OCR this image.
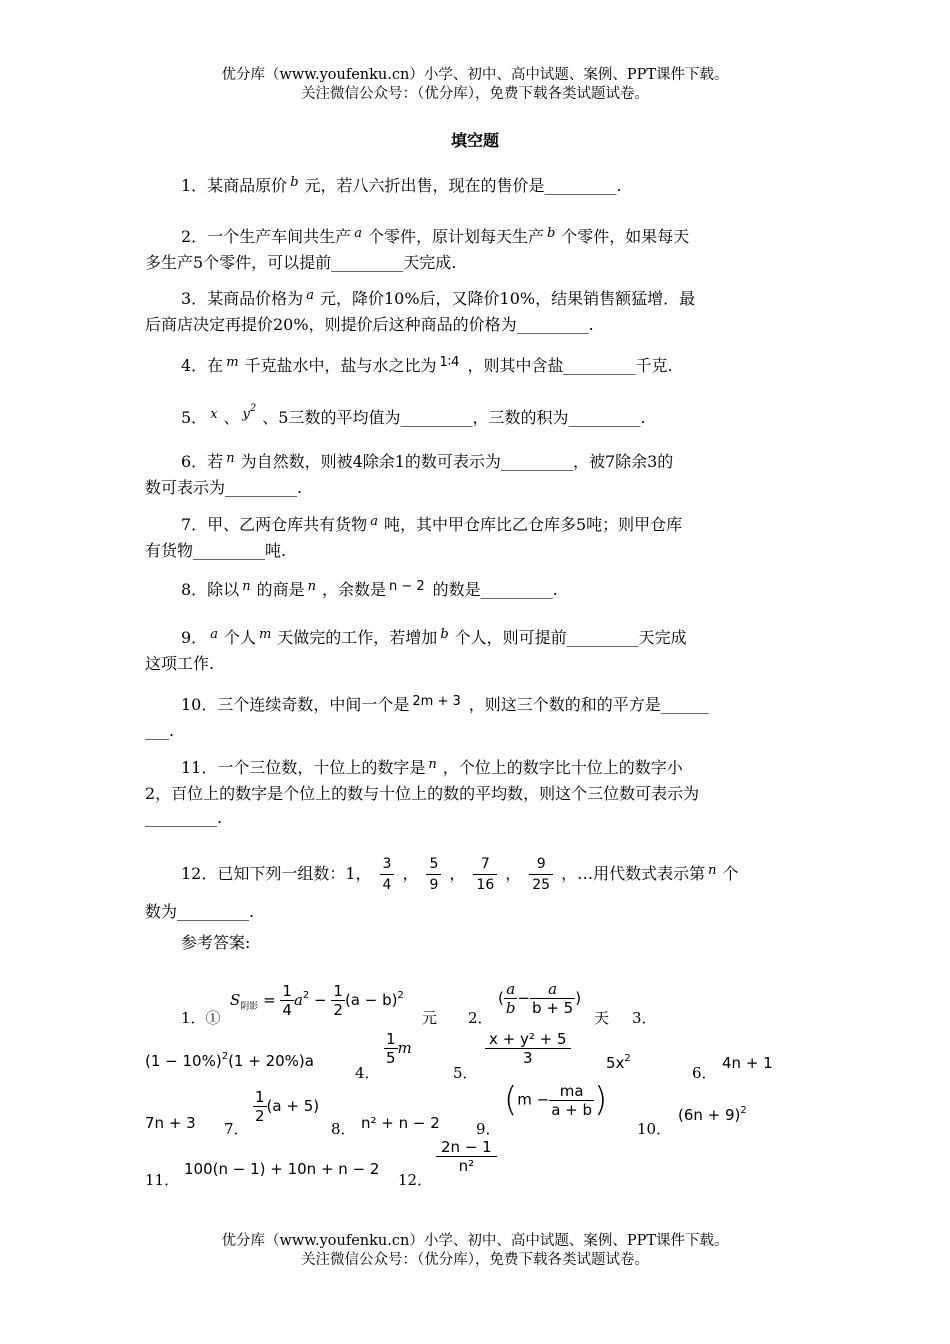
优分库（www.youfenku.cn）小学、初中、高中试题、案例、PPT课件下载。
关注微信公众号：（优分库），免费下载各类试题试卷。
填空题
1．某商品原价 $^b$ 元，若八六折出售，现在的售价是_________.
2．一个生产车间共生产 $^a$ 个零件，原计划每天生产 $^b$ 个零件，如果每天
多生产5个零件，可以提前_________天完成.
3．某商品价格为 $^a$ 元，降价10%后，又降价10%，结果销售额猛增．最
后商店决定再提价20%，则提价后这种商品的价格为_________.
4．在 $^m$ 千克盐水中，盐与水之比为 $^{1∶4}$ ，则其中含盐_________千克.
5． $^x$ 、 $^{y^2}$ 、5三数的平均值为_________，三数的积为_________.
6．若 $^n$ 为自然数，则被4除余1的数可表示为_________，被7除余3的
数可表示为_________.
7．甲、乙两仓库共有货物 $^a$ 吨，其中甲仓库比乙仓库多5吨；则甲仓库
有货物_________吨.
8．除以 $^n$ 的商是 $^n$ ，余数是 $^{n - 2}$ 的数是_________.
9． $^a$ 个人 $^m$ 天做完的工作，若增加 $^b$ 个人，则可提前_________天完成
这项工作.
10．三个连续奇数，中间一个是 $^{2m + 3}$ ，则这三个数的和的平方是______
___.
11．一个三位数，十位上的数字是 $^n$ ，个位上的数字比十位上的数字小
2，百位上的数字是个位上的数与十位上的数的平均数，则这个三位数可表示为
_________.
12．已知下列一组数：1， $\frac{3}{4}$ ， $\frac{5}{9}$ ， $\frac{7}{16}$ ， $\frac{9}{25}$ ，…用代数式表示第 $^n$ 个
数为_________.
参考答案:
1．①
$S_{阴影} = \frac{1}{4} a^2 - \frac{1}{2} (a - b)^2$
元 2．
( $\frac{a}{b} - \frac{a}{b + 5}$ )
天 3．
$(1 - 10\%)^2(1 + 20\%)a$
4．
$\frac{1}{5}$ m
5．
$\frac{\text{x + y² + 5}}{3} 5x^2$
6．
4n + 1
7n + 3 7．
$\frac{1}{2} (a + 5)$
8． n² + n − 2 9．
($m - \frac{ma}{a + b}$ )
10．
$(6n + 9)^2$
11．
100(n − 1) + 10n + n − 2
12．
$\frac{2n - 1}{\text{n²}}$
优分库（www.youfenku.cn）小学、初中、高中试题、案例、PPT课件下载。
关注微信公众号：（优分库），免费下载各类试题试卷。
